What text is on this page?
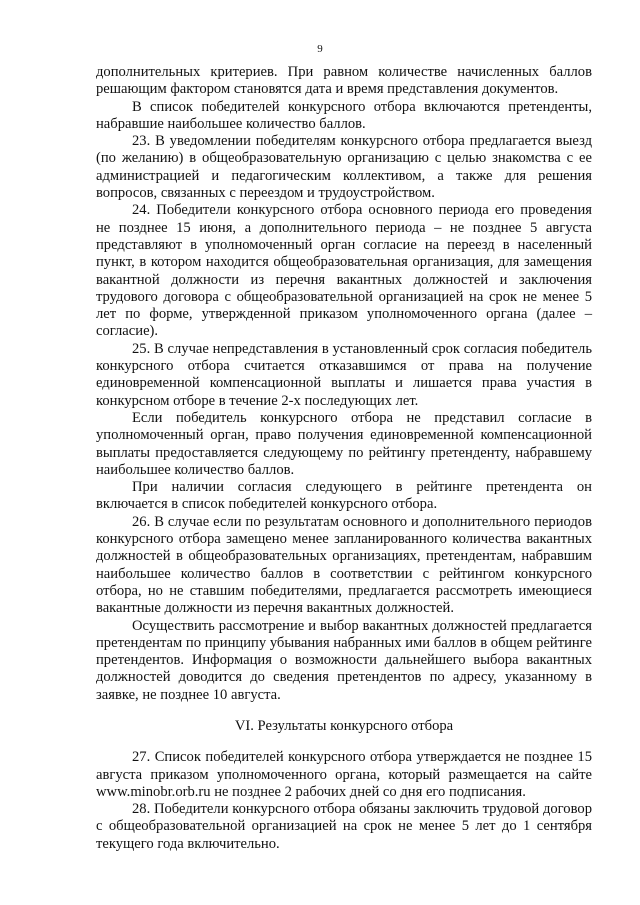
9

дополнительных критериев. При равном количестве начисленных баллов решающим фактором становятся дата и время представления документов.

В список победителей конкурсного отбора включаются претенденты, набравшие наибольшее количество баллов.

23. В уведомлении победителям конкурсного отбора предлагается выезд (по желанию) в общеобразовательную организацию с целью знакомства с ее администрацией и педагогическим коллективом, а также для решения вопросов, связанных с переездом и трудоустройством.

24. Победители конкурсного отбора основного периода его проведения не позднее 15 июня, а дополнительного периода – не позднее 5 августа представляют в уполномоченный орган согласие на переезд в населенный пункт, в котором находится общеобразовательная организация, для замещения вакантной должности из перечня вакантных должностей и заключения трудового договора с общеобразовательной организацией на срок не менее 5 лет по форме, утвержденной приказом уполномоченного органа (далее – согласие).

25. В случае непредставления в установленный срок согласия победитель конкурсного отбора считается отказавшимся от права на получение единовременной компенсационной выплаты и лишается права участия в конкурсном отборе в течение 2-х последующих лет.

Если победитель конкурсного отбора не представил согласие в уполномоченный орган, право получения единовременной компенсационной выплаты предоставляется следующему по рейтингу претенденту, набравшему наибольшее количество баллов.

При наличии согласия следующего в рейтинге претендента он включается в список победителей конкурсного отбора.

26. В случае если по результатам основного и дополнительного периодов конкурсного отбора замещено менее запланированного количества вакантных должностей в общеобразовательных организациях, претендентам, набравшим наибольшее количество баллов в соответствии с рейтингом конкурсного отбора, но не ставшим победителями, предлагается рассмотреть имеющиеся вакантные должности из перечня вакантных должностей.

Осуществить рассмотрение и выбор вакантных должностей предлагается претендентам по принципу убывания набранных ими баллов в общем рейтинге претендентов. Информация о возможности дальнейшего выбора вакантных должностей доводится до сведения претендентов по адресу, указанному в заявке, не позднее 10 августа.

VI. Результаты конкурсного отбора

27. Список победителей конкурсного отбора утверждается не позднее 15 августа приказом уполномоченного органа, который размещается на сайте www.minobr.orb.ru не позднее 2 рабочих дней со дня его подписания.

28. Победители конкурсного отбора обязаны заключить трудовой договор с общеобразовательной организацией на срок не менее 5 лет до 1 сентября текущего года включительно.
